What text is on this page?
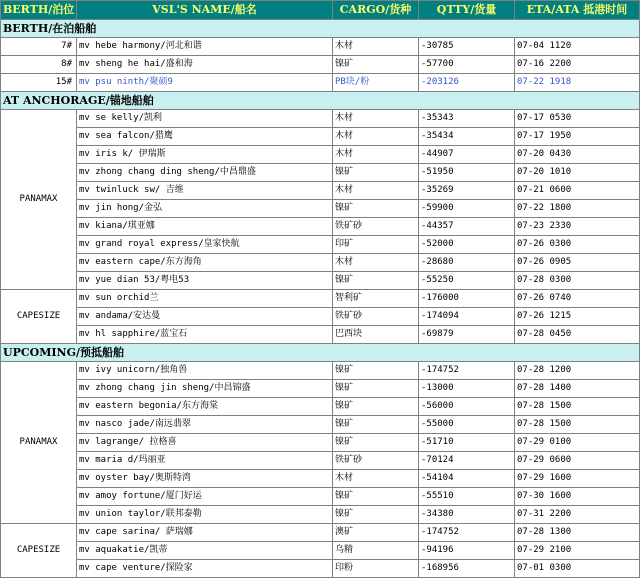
BERTH/泊位	VSL'S NAME/船名	CARGO/货种	QTTY/货量	ETA/ATA 抵港时间
BERTH/在泊船舶				
7#	mv hebe harmony/河北和谐	木材	-30785	07-04 1120
8#	mv sheng he hai/盛和海	镍矿	-57700	07-16 2200
15#	mv psu ninth/聚硕9	PB块/粉	-203126	07-22 1918
AT ANCHORAGE/锚地船舶				
PANAMAX	mv se kelly/凯利	木材	-35343	07-17 0530
	mv sea falcon/猎鹰	木材	-35434	07-17 1950
	mv iris k/ 伊瑞斯	木材	-44907	07-20 0430
	mv zhong chang ding sheng/中昌鼎盛	镍矿	-51950	07-20 1010
	mv twinluck sw/ 吉维	木材	-35269	07-21 0600
	mv jin hong/金弘	镍矿	-59900	07-22 1800
	mv kiana/琪亚娜	铁矿砂	-44357	07-23 2330
	mv grand royal express/皇家快航	印矿	-52000	07-26 0300
	mv eastern cape/东方海角	木材	-28680	07-26 0905
	mv yue dian 53/粤电53	镍矿	-55250	07-28 0300
CAPESIZE	mv sun orchid兰	智利矿	-176000	07-26 0740
	mv andama/安达曼	铁矿砂	-174094	07-26 1215
	mv hl sapphire/蓝宝石	巴西块	-69879	07-28 0450
UPCOMING/预抵船舶				
PANAMAX	mv ivy unicorn/独角兽	镍矿	-174752	07-28 1200
	mv zhong chang jin sheng/中昌锦盛	镍矿	-13000	07-28 1400
	mv eastern begonia/东方海棠	镍矿	-56000	07-28 1500
	mv nasco jade/南远翡翠	镍矿	-55000	07-28 1500
	mv lagrange/ 拉格喜	镍矿	-51710	07-29 0100
	mv maria d/玛丽亚	铁矿砂	-70124	07-29 0600
	mv oyster bay/奥斯特湾	木材	-54104	07-29 1600
	mv amoy fortune/厦门好运	镍矿	-55510	07-30 1600
	mv union taylor/联邦泰勒	镍矿	-34380	07-31 2200
CAPESIZE	mv cape sarina/ 萨瑞娜	澳矿	-174752	07-28 1300
	mv aquakatie/凯蒂	乌精	-94196	07-29 2100
	mv cape venture/探险家	印粉	-168956	07-01 0300
